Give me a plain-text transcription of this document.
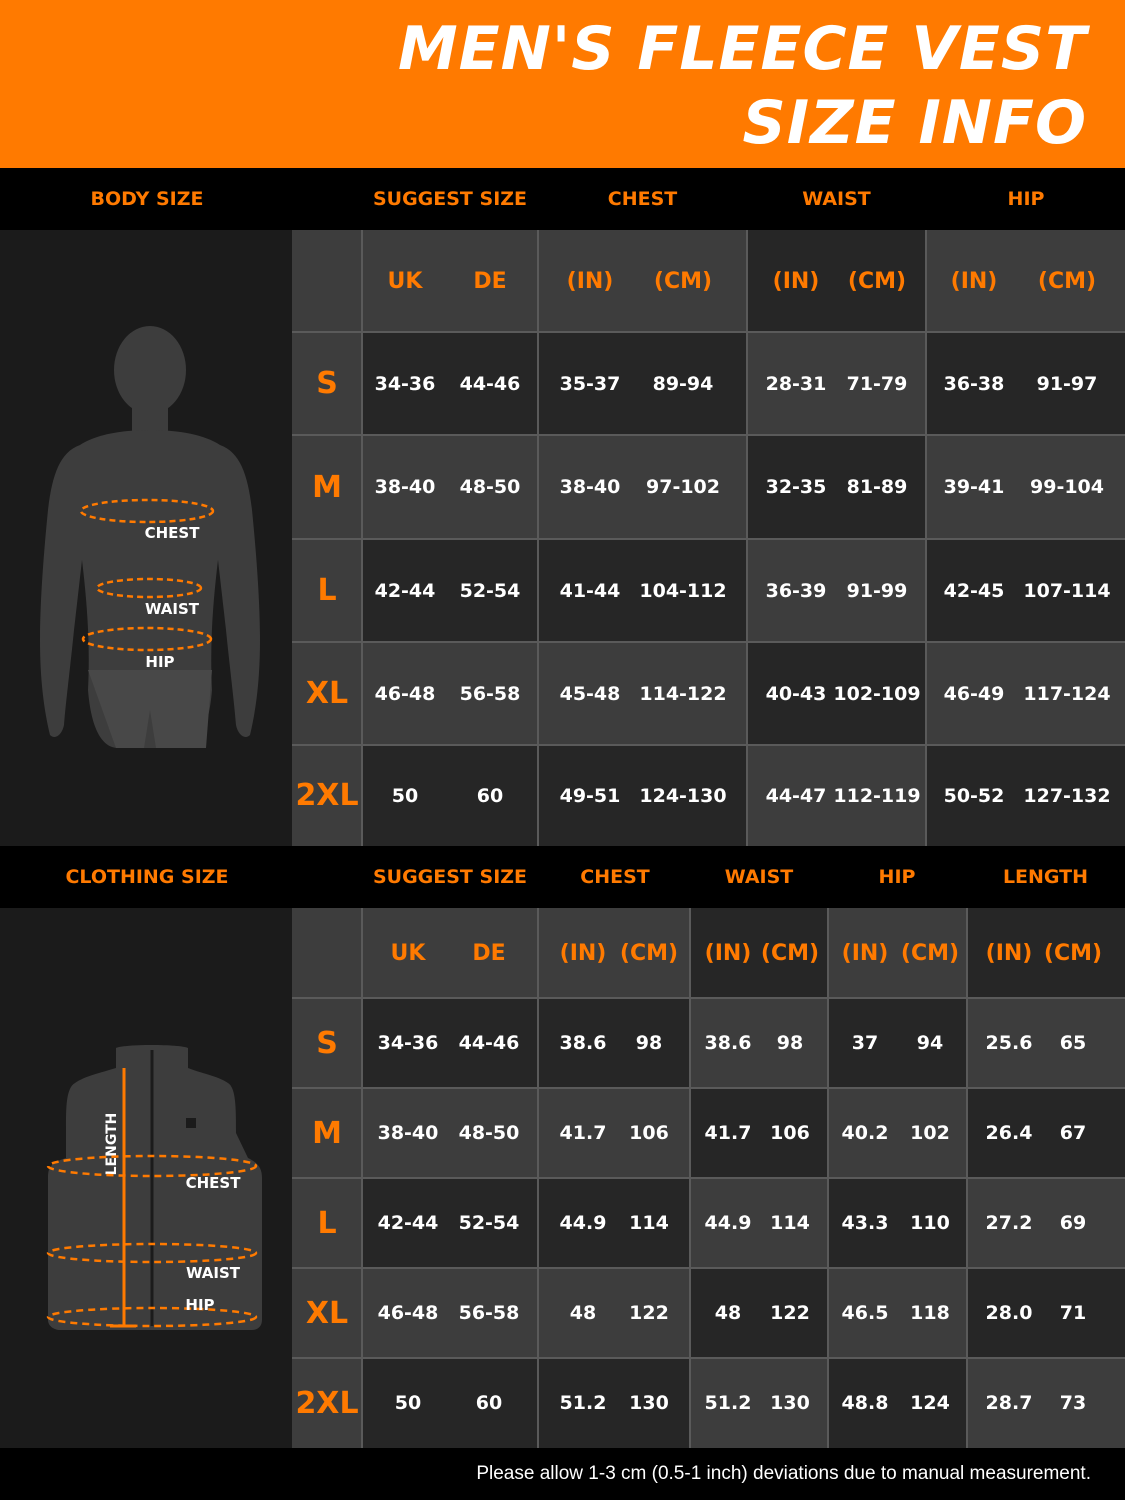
MEN'S FLEECE VEST
SIZE INFO
BODY SIZE	SUGGEST SIZE	CHEST	WAIST	HIP
CHEST
WAIST
HIP
UK	DE	(IN)	(CM)	(IN)	(CM)	(IN)	(CM)
S	34-36	44-46	35-37	89-94	28-31	71-79	36-38	91-97
M	38-40	48-50	38-40	97-102	32-35	81-89	39-41	99-104
L	42-44	52-54	41-44	104-112	36-39	91-99	42-45	107-114
XL	46-48	56-58	45-48	114-122	40-43 102-109	46-49	117-124
2XL	50	60	49-51	124-130	44-47 112-119	50-52	127-132
CLOTHING SIZE	SUGGEST SIZE	CHEST	WAIST	HIP	LENGTH
LENGTH
CHEST
WAIST
HIP
UK	DE	(IN) (CM)	(IN) (CM)	(IN) (CM)	(IN) (CM)
S	34-36	44-46	38.6	98	38.6	98	37	94	25.6	65
M	38-40	48-50	41.7	106	41.7 106	40.2	102	26.4	67
L	42-44	52-54	44.9	114	44.9 114	43.3	110	27.2	69
XL	46-48	56-58	48	122	48	122	46.5	118	28.0	71
2XL	50	60	51.2	130	51.2 130	48.8	124	28.7	73
Please allow 1-3 cm (0.5-1 inch) deviations due to manual measurement.
